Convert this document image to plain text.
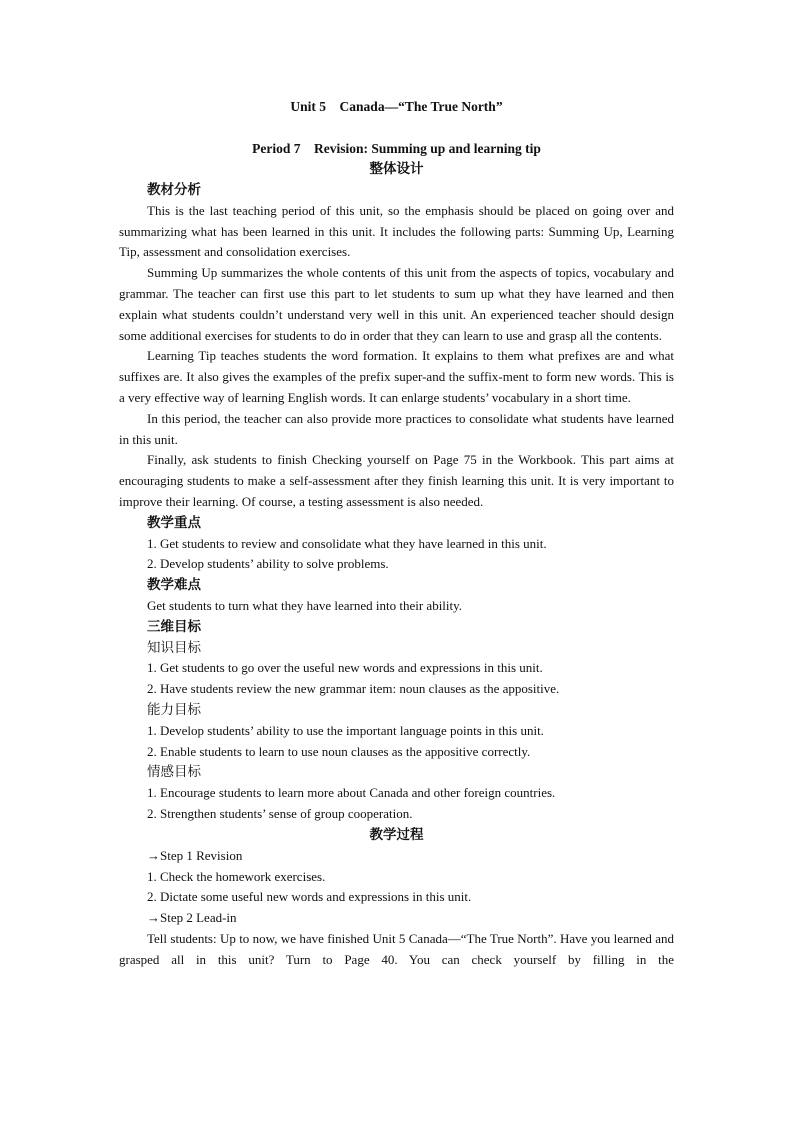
Unit 5    Canada—“The True North”
Period 7    Revision: Summing up and learning tip
整体设计
教材分析

This is the last teaching period of this unit, so the emphasis should be placed on going over and summarizing what has been learned in this unit. It includes the following parts: Summing Up, Learning Tip, assessment and consolidation exercises.

Summing Up summarizes the whole contents of this unit from the aspects of topics, vocabulary and grammar. The teacher can first use this part to let students to sum up what they have learned and then explain what students couldn’t understand very well in this unit. An experienced teacher should design some additional exercises for students to do in order that they can learn to use and grasp all the contents.

Learning Tip teaches students the word formation. It explains to them what prefixes are and what suffixes are. It also gives the examples of the prefix super-and the suffix-ment to form new words. This is a very effective way of learning English words. It can enlarge students’ vocabulary in a short time.

In this period, the teacher can also provide more practices to consolidate what students have learned in this unit.

Finally, ask students to finish Checking yourself on Page 75 in the Workbook. This part aims at encouraging students to make a self-assessment after they finish learning this unit. It is very important to improve their learning. Of course, a testing assessment is also needed.

教学重点
1. Get students to review and consolidate what they have learned in this unit.
2. Develop students’ ability to solve problems.
教学难点
Get students to turn what they have learned into their ability.
三维目标
知识目标
1. Get students to go over the useful new words and expressions in this unit.
2. Have students review the new grammar item: noun clauses as the appositive.
能力目标
1. Develop students’ ability to use the important language points in this unit.
2. Enable students to learn to use noun clauses as the appositive correctly.
情感目标
1. Encourage students to learn more about Canada and other foreign countries.
2. Strengthen students’ sense of group cooperation.
教学过程
→Step 1 Revision
1. Check the homework exercises.
2. Dictate some useful new words and expressions in this unit.
→Step 2 Lead-in

Tell students: Up to now, we have finished Unit 5 Canada—“The True North”. Have you learned and grasped all in this unit? Turn to Page 40. You can check yourself by filling in the
